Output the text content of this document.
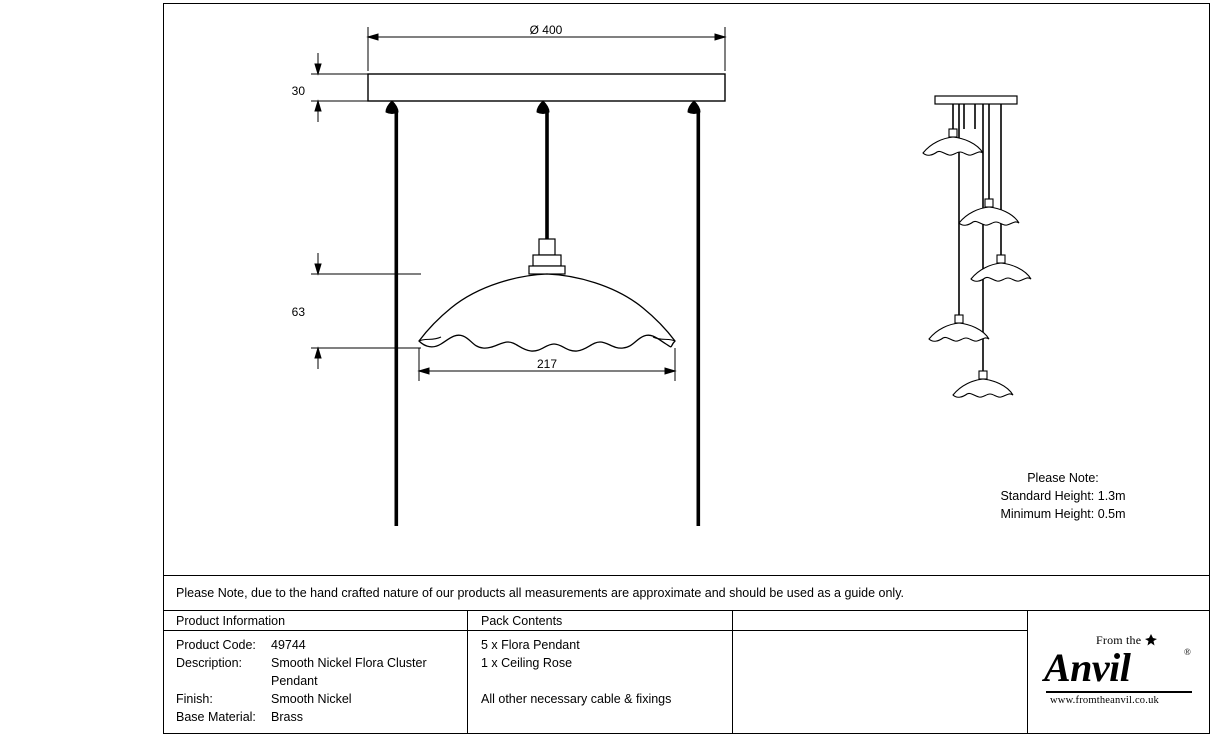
30
Ø 400
63
217
Please Note:
Standard Height: 1.3m
Minimum Height: 0.5m
Please Note, due to the hand crafted nature of our products all measurements are approximate and should be used as a guide only.
Product Information
Product Code: 49744
Description: Smooth Nickel Flora Cluster
Pendant
Finish:	Smooth Nickel
Base Material: Brass
Pack Contents
5 x Flora Pendant
1 x Ceiling Rose
All other necessary cable & fixings
From the
Anvil	®
www.fromtheanvil.co.uk
